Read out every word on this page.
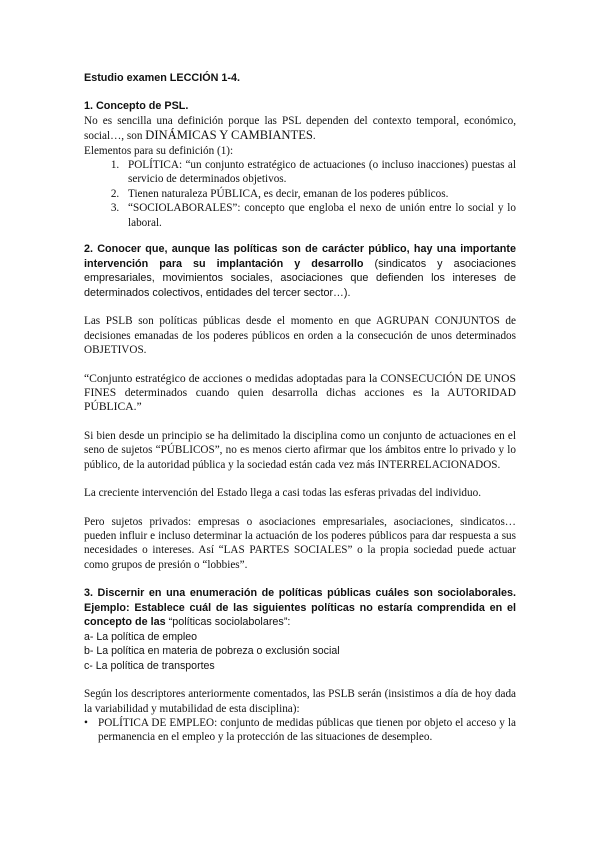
Estudio examen LECCIÓN 1-4.

1. Concepto de PSL.

No es sencilla una definición porque las PSL dependen del contexto temporal, económico, social…, son DINÁMICAS Y CAMBIANTES.

Elementos para su definición (1):

1. POLÍTICA: “un conjunto estratégico de actuaciones (o incluso inacciones) puestas al servicio de determinados objetivos.
2. Tienen naturaleza PÚBLICA, es decir, emanan de los poderes públicos.
3. “SOCIOLABORALES”: concepto que engloba el nexo de unión entre lo social y lo laboral.

2. Conocer que, aunque las políticas son de carácter público, hay una importante intervención para su implantación y desarrollo (sindicatos y asociaciones empresariales, movimientos sociales, asociaciones que defienden los intereses de determinados colectivos, entidades del tercer sector…).

Las PSLB son políticas públicas desde el momento en que AGRUPAN CONJUNTOS de decisiones emanadas de los poderes públicos en orden a la consecución de unos determinados OBJETIVOS.

“Conjunto estratégico de acciones o medidas adoptadas para la CONSECUCIÓN DE UNOS FINES determinados cuando quien desarrolla dichas acciones es la AUTORIDAD PÚBLICA.”

Si bien desde un principio se ha delimitado la disciplina como un conjunto de actuaciones en el seno de sujetos “PÚBLICOS”, no es menos cierto afirmar que los ámbitos entre lo privado y lo público, de la autoridad pública y la sociedad están cada vez más INTERRELACIONADOS.

La creciente intervención del Estado llega a casi todas las esferas privadas del individuo.

Pero sujetos privados: empresas o asociaciones empresariales, asociaciones, sindicatos… pueden influir e incluso determinar la actuación de los poderes públicos para dar respuesta a sus necesidades o intereses. Así “LAS PARTES SOCIALES” o la propia sociedad puede actuar como grupos de presión o “lobbies”.

3. Discernir en una enumeración de políticas públicas cuáles son sociolaborales. Ejemplo: Establece cuál de las siguientes políticas no estaría comprendida en el concepto de las “políticas sociolabolares”:

a- La política de empleo

b- La política en materia de pobreza o exclusión social

c- La política de transportes

Según los descriptores anteriormente comentados, las PSLB serán (insistimos a día de hoy dada la variabilidad y mutabilidad de esta disciplina):

• POLÍTICA DE EMPLEO: conjunto de medidas públicas que tienen por objeto el acceso y la permanencia en el empleo y la protección de las situaciones de desempleo.
